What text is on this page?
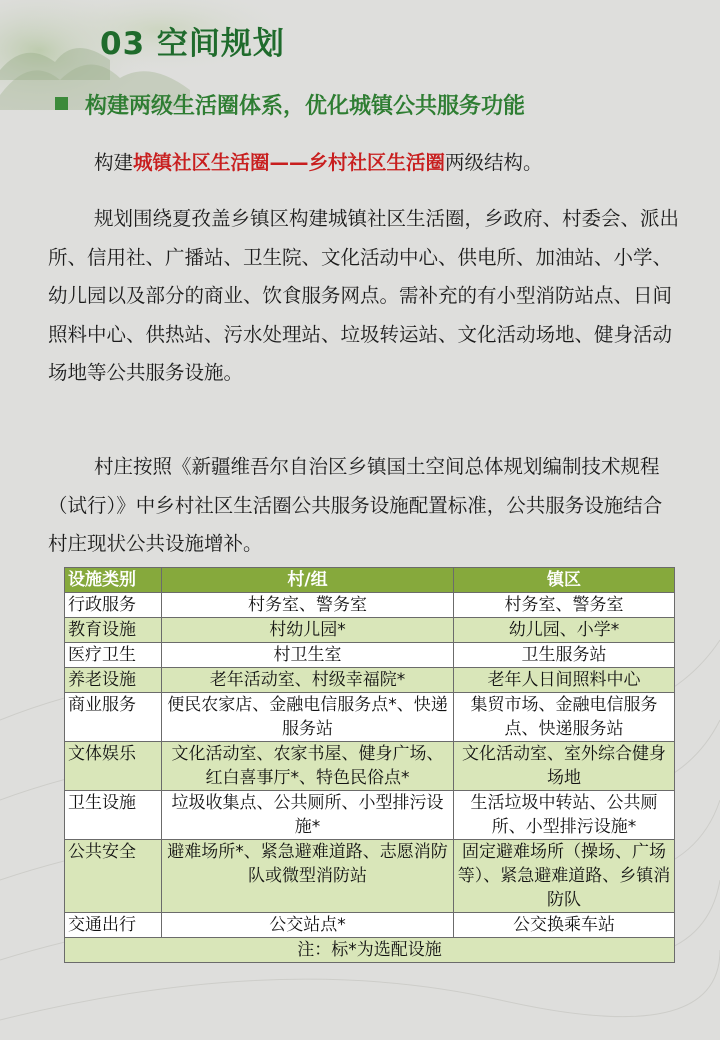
03 空间规划
构建两级生活圈体系，优化城镇公共服务功能
构建城镇社区生活圈——乡村社区生活圈两级结构。
规划围绕夏孜盖乡镇区构建城镇社区生活圈，乡政府、村委会、派出所、信用社、广播站、卫生院、文化活动中心、供电所、加油站、小学、幼儿园以及部分的商业、饮食服务网点。需补充的有小型消防站点、日间照料中心、供热站、污水处理站、垃圾转运站、文化活动场地、健身活动场地等公共服务设施。
村庄按照《新疆维吾尔自治区乡镇国土空间总体规划编制技术规程（试行）》中乡村社区生活圈公共服务设施配置标准，公共服务设施结合村庄现状公共设施增补。
设施类别	村/组	镇区
行政服务	村务室、警务室	村务室、警务室
教育设施	村幼儿园*	幼儿园、小学*
医疗卫生	村卫生室	卫生服务站
养老设施	老年活动室、村级幸福院*	老年人日间照料中心
商业服务	便民农家店、金融电信服务点*、快递服务站	集贸市场、金融电信服务点、快递服务站
文体娱乐	文化活动室、农家书屋、健身广场、红白喜事厅*、特色民俗点*	文化活动室、室外综合健身场地
卫生设施	垃圾收集点、公共厕所、小型排污设施*	生活垃圾中转站、公共厕所、小型排污设施*
公共安全	避难场所*、紧急避难道路、志愿消防队或微型消防站	固定避难场所（操场、广场等）、紧急避难道路、乡镇消防队
交通出行	公交站点*	公交换乘车站
注：标*为选配设施		
